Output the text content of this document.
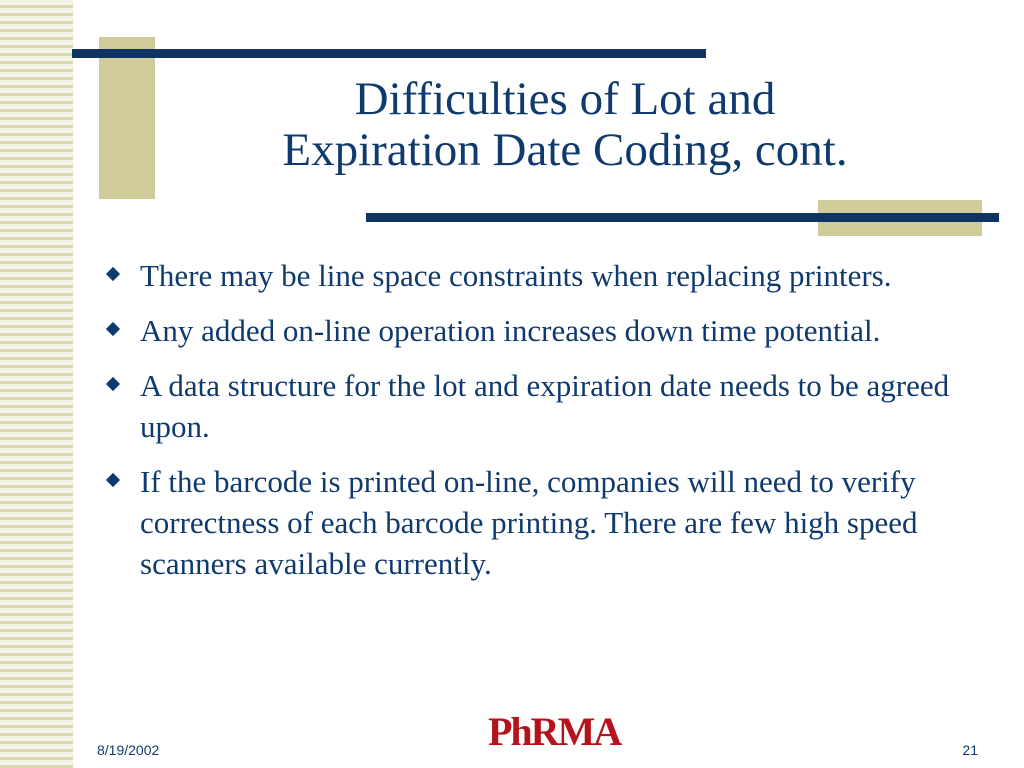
Difficulties of Lot and
Expiration Date Coding, cont.
There may be line space constraints when replacing printers.
Any added on-line operation increases down time potential.
A data structure for the lot and expiration date needs to be agreed upon.
If the barcode is printed on-line, companies will need to verify correctness of each barcode printing. There are few high speed scanners available currently.
8/19/2002	PhRMA	21
